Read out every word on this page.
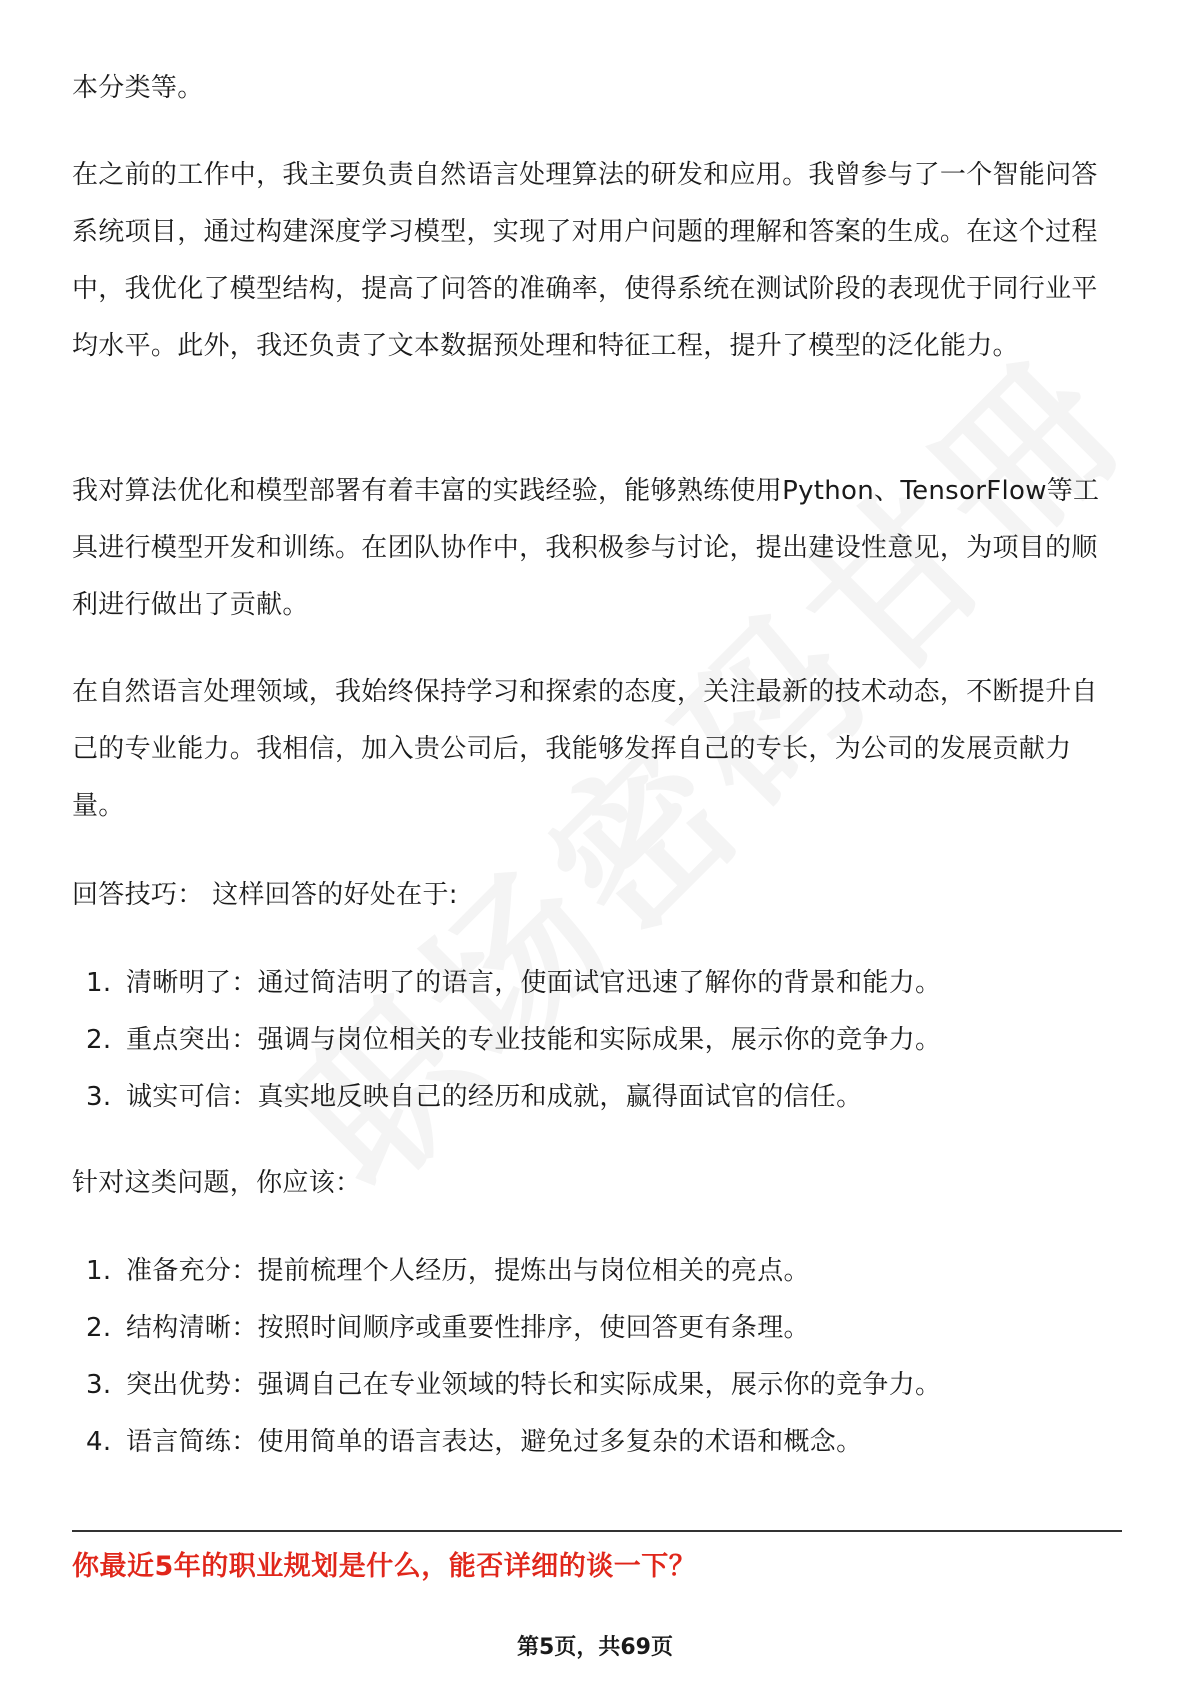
本分类等。

在之前的工作中，我主要负责自然语言处理算法的研发和应用。我曾参与了一个智能问答系统项目，通过构建深度学习模型，实现了对用户问题的理解和答案的生成。在这个过程中，我优化了模型结构，提高了问答的准确率，使得系统在测试阶段的表现优于同行业平均水平。此外，我还负责了文本数据预处理和特征工程，提升了模型的泛化能力。

我对算法优化和模型部署有着丰富的实践经验，能够熟练使用Python、TensorFlow等工具进行模型开发和训练。在团队协作中，我积极参与讨论，提出建设性意见，为项目的顺利进行做出了贡献。

在自然语言处理领域，我始终保持学习和探索的态度，关注最新的技术动态，不断提升自己的专业能力。我相信，加入贵公司后，我能够发挥自己的专长，为公司的发展贡献力量。

回答技巧： 这样回答的好处在于:

1. 清晰明了：通过简洁明了的语言，使面试官迅速了解你的背景和能力。
2. 重点突出：强调与岗位相关的专业技能和实际成果，展示你的竞争力。
3. 诚实可信：真实地反映自己的经历和成就，赢得面试官的信任。

针对这类问题，你应该：

1. 准备充分：提前梳理个人经历，提炼出与岗位相关的亮点。
2. 结构清晰：按照时间顺序或重要性排序，使回答更有条理。
3. 突出优势：强调自己在专业领域的特长和实际成果，展示你的竞争力。
4. 语言简练：使用简单的语言表达，避免过多复杂的术语和概念。
你最近5年的职业规划是什么，能否详细的谈一下？
第5页，共69页
